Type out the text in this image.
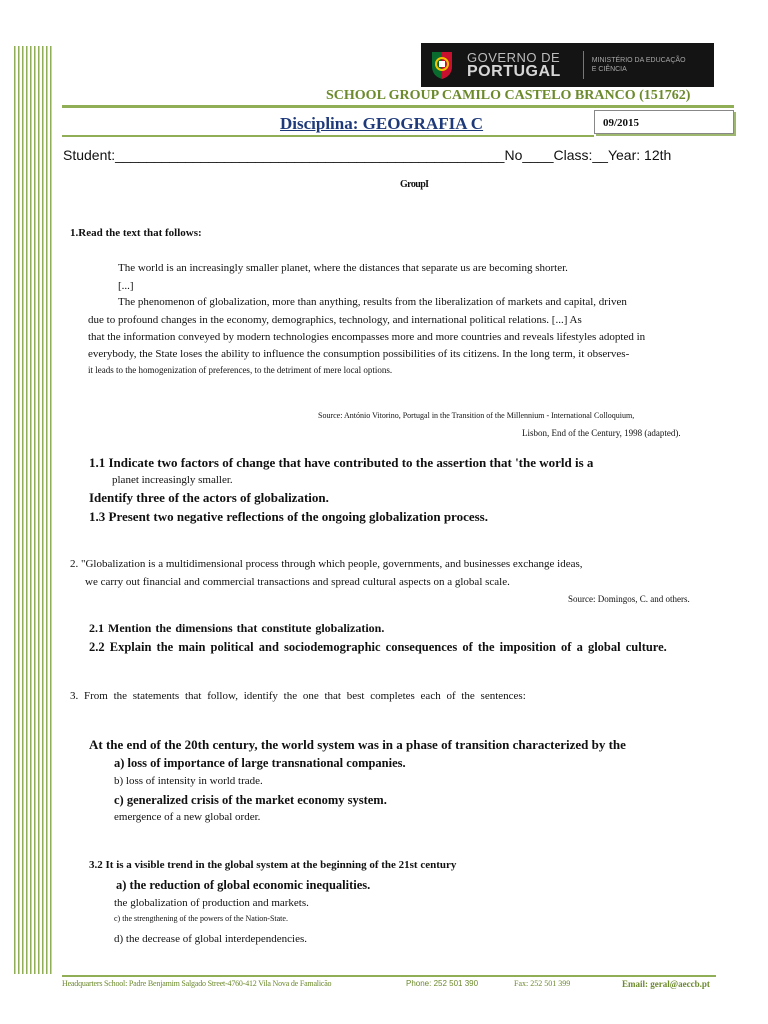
GOVERNO DE
PORTUGAL
MINISTÉRIO DA EDUCAÇÃO
E CIÊNCIA
SCHOOL GROUP CAMILO CASTELO BRANCO (151762)
Disciplina: GEOGRAFIA C	09/2015
Student:__________________________________________________No____Class:__Year: 12th
GroupI
1.Read the text that follows:
The world is an increasingly smaller planet, where the distances that separate us are becoming shorter.
[...]
The phenomenon of globalization, more than anything, results from the liberalization of markets and capital, driven
due to profound changes in the economy, demographics, technology, and international political relations. [...] As
that the information conveyed by modern technologies encompasses more and more countries and reveals lifestyles adopted in
everybody, the State loses the ability to influence the consumption possibilities of its citizens. In the long term, it observes-
it leads to the homogenization of preferences, to the detriment of mere local options.
Source: António Vitorino, Portugal in the Transition of the Millennium - International Colloquium,
Lisbon, End of the Century, 1998 (adapted).
1.1 Indicate two factors of change that have contributed to the assertion that 'the world is a
planet increasingly smaller.
Identify three of the actors of globalization.
1.3 Present two negative reflections of the ongoing globalization process.
2. "Globalization is a multidimensional process through which people, governments, and businesses exchange ideas,
we carry out financial and commercial transactions and spread cultural aspects on a global scale.
Source: Domingos, C. and others.
2.1 Mention the dimensions that constitute globalization.
2.2 Explain the main political and sociodemographic consequences of the imposition of a global culture.
3. From the statements that follow, identify the one that best completes each of the sentences:
At the end of the 20th century, the world system was in a phase of transition characterized by the
a) loss of importance of large transnational companies.
b) loss of intensity in world trade.
c) generalized crisis of the market economy system.
emergence of a new global order.
3.2 It is a visible trend in the global system at the beginning of the 21st century
a) the reduction of global economic inequalities.
the globalization of production and markets.
c) the strengthening of the powers of the Nation-State.
d) the decrease of global interdependencies.
Headquarters School: Padre Benjamim Salgado Street-4760-412 Vila Nova de Famalicão	Phone: 252 501 390	Fax: 252 501 399	Email: geral@aeccb.pt
